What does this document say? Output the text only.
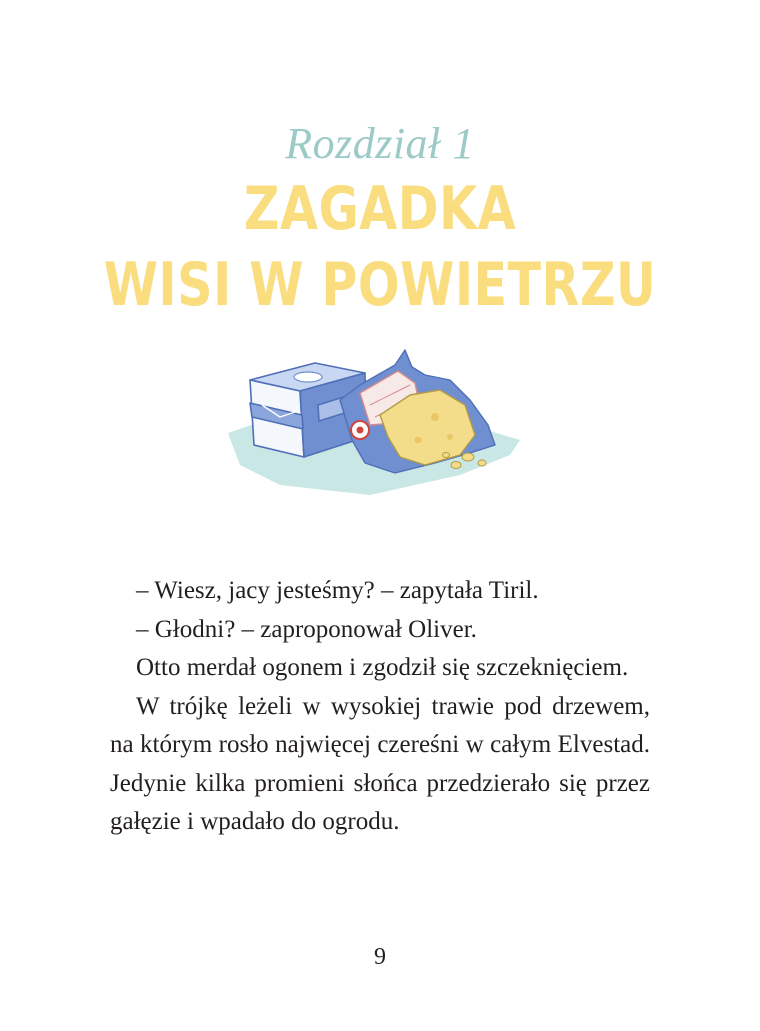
Rozdział 1
ZAGADKA
WISI W POWIETRZU

– Wiesz, jacy jesteśmy? – zapytała Tiril.

– Głodni? – zaproponował Oliver.

Otto merdał ogonem i zgodził się szczeknięciem.

W trójkę leżeli w wysokiej trawie pod drzewem, na którym rosło najwięcej czereśni w całym Elvestad. Jedynie kilka promieni słońca przedzierało się przez gałęzie i wpadało do ogrodu.

9
